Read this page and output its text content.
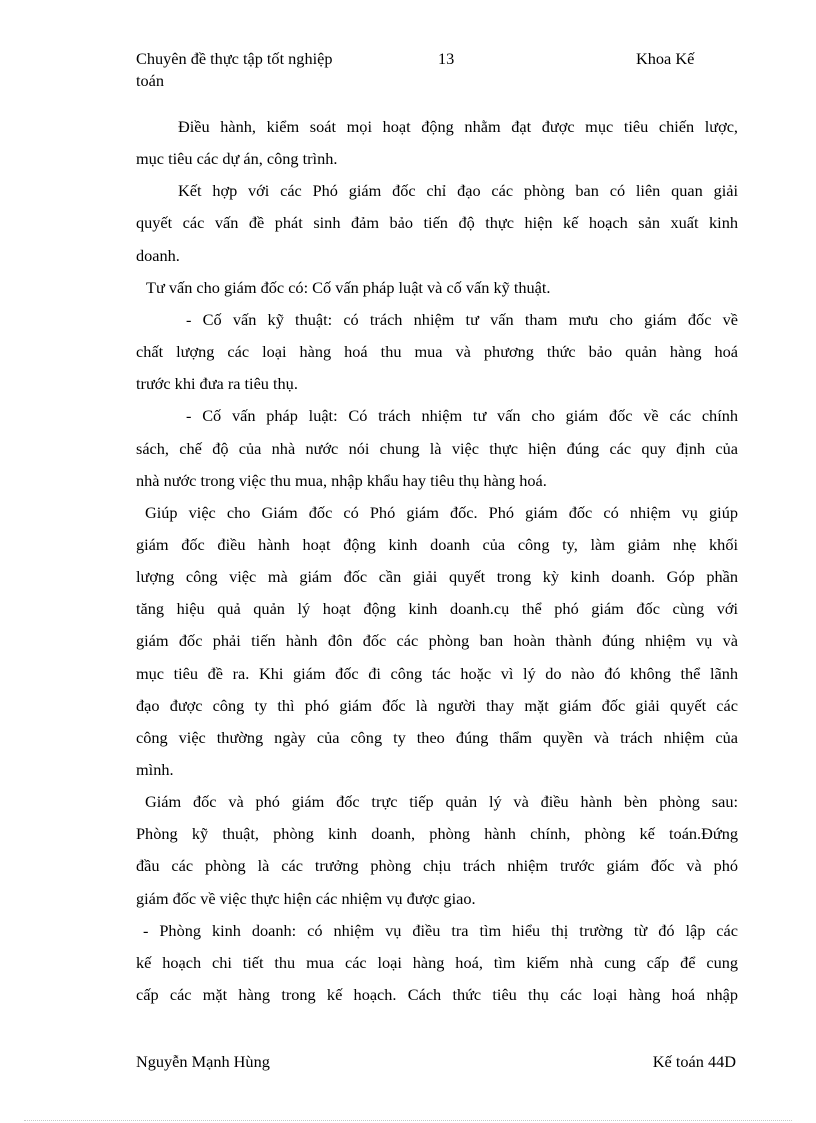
Chuyên đề thực tập tốt nghiệp	13	Khoa Kế
toán
Điều hành, kiểm soát mọi hoạt động nhằm đạt được mục tiêu chiến lược,
mục tiêu các dự án, công trình.
Kết hợp với các Phó giám đốc chỉ đạo các phòng ban có liên quan giải
quyết các vấn đề phát sinh đảm bảo tiến độ thực hiện kế hoạch sản xuất kinh
doanh.
Tư vấn cho giám đốc có: Cố vấn pháp luật và cố vấn kỹ thuật.
- Cố vấn kỹ thuật: có trách nhiệm tư vấn tham mưu cho giám đốc về
chất lượng các loại hàng hoá thu mua và phương thức bảo quản hàng hoá
trước khi đưa ra tiêu thụ.
- Cố vấn pháp luật: Có trách nhiệm tư vấn cho giám đốc về các chính
sách, chế độ của nhà nước nói chung là việc thực hiện đúng các quy định của
nhà nước trong việc thu mua, nhập khẩu hay tiêu thụ hàng hoá.
Giúp việc cho Giám đốc có Phó giám đốc. Phó giám đốc có nhiệm vụ giúp
giám đốc điều hành hoạt động kinh doanh của công ty, làm giảm nhẹ khối
lượng công việc mà giám đốc cần giải quyết trong kỳ kinh doanh. Góp phần
tăng hiệu quả quản lý hoạt động kinh doanh.cụ thể phó giám đốc cùng với
giám đốc phải tiến hành đôn đốc các phòng ban hoàn thành đúng nhiệm vụ và
mục tiêu đề ra. Khi giám đốc đi công tác hoặc vì lý do nào đó không thể lãnh
đạo được công ty thì phó giám đốc là người thay mặt giám đốc giải quyết các
công việc thường ngày của công ty theo đúng thẩm quyền và trách nhiệm của
mình.
Giám đốc và phó giám đốc trực tiếp quản lý và điều hành bèn phòng sau:
Phòng kỹ thuật, phòng kinh doanh, phòng hành chính, phòng kế toán.Đứng
đầu các phòng là các trưởng phòng chịu trách nhiệm trước giám đốc và phó
giám đốc về việc thực hiện các nhiệm vụ được giao.
- Phòng kinh doanh: có nhiệm vụ điều tra tìm hiểu thị trường từ đó lập các
kế hoạch chi tiết thu mua các loại hàng hoá, tìm kiếm nhà cung cấp để cung
cấp các mặt hàng trong kế hoạch. Cách thức tiêu thụ các loại hàng hoá nhập
Nguyễn Mạnh Hùng	Kế toán 44D
